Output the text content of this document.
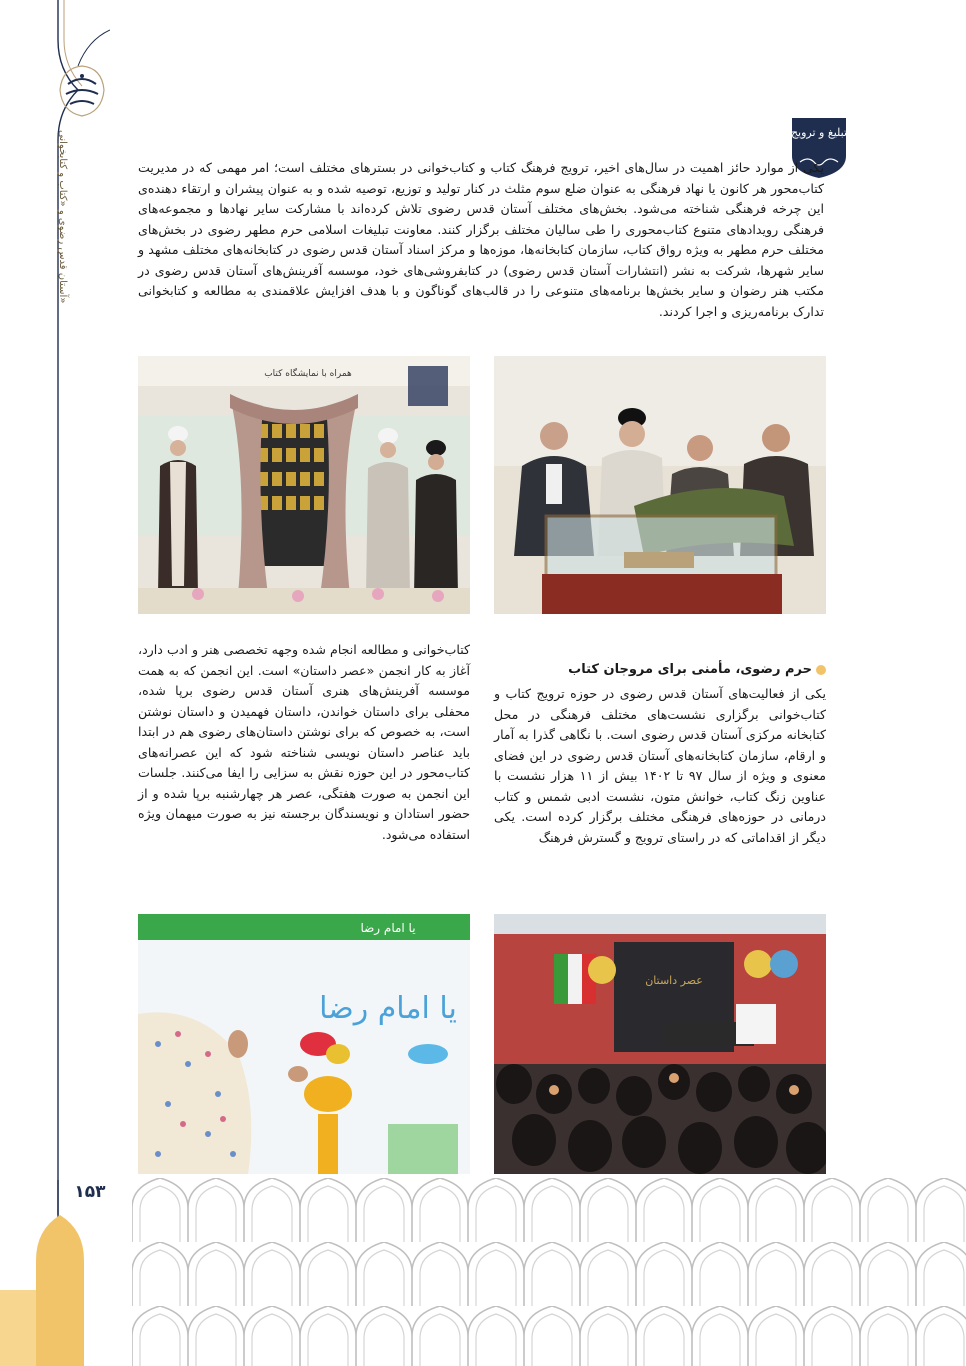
آستان قدس رضوی و «کتاب و کتابخوانی»
تبلیغ و ترویج
یکی از موارد حائز اهمیت در سال‌های اخیر، ترویج فرهنگ کتاب و کتاب‌خوانی در بسترهای مختلف است؛ امر مهمی که در مدیریت کتاب‌محور هر کانون یا نهاد فرهنگی به عنوان ضلع سوم مثلث در کنار تولید و توزیع، توصیه شده و به عنوان پیشران و ارتقاء دهنده‌ی این چرخه فرهنگی شناخته می‌شود. بخش‌های مختلف آستان قدس رضوی تلاش کرده‌اند با مشارکت سایر نهادها و مجموعه‌های فرهنگی رویدادهای متنوع کتاب‌محوری را طی سالیان مختلف برگزار کنند. معاونت تبلیغات اسلامی حرم مطهر رضوی در بخش‌های مختلف حرم مطهر به ویژه رواق کتاب، سازمان کتابخانه‌ها، موزه‌ها و مرکز اسناد آستان قدس رضوی در کتابخانه‌های مختلف مشهد و سایر شهرها، شرکت به نشر (انتشارات آستان قدس رضوی) در کتابفروشی‌های خود، موسسه آفرینش‌های آستان قدس رضوی در مکتب هنر رضوان و سایر بخش‌ها برنامه‌های متنوعی را در قالب‌های گوناگون و با هدف افزایش علاقمندی به مطالعه و کتابخوانی تدارک برنامه‌ریزی و اجرا کردند.
همراه با نمایشگاه کتاب
حرم رضوی، مأمنی برای مروجان کتاب
یکی از فعالیت‌های آستان قدس رضوی در حوزه ترویج کتاب و کتاب‌خوانی برگزاری نشست‌های مختلف فرهنگی در محل کتابخانه مرکزی آستان قدس رضوی است. با نگاهی گذرا به آمار و ارقام، سازمان کتابخانه‌های آستان قدس رضوی در این فضای معنوی و ویژه از سال ۹۷ تا ۱۴۰۲ بیش از ۱۱ هزار نشست با عناوین زنگ کتاب، خوانش متون، نشست ادبی شمس و کتاب درمانی در حوزه‌های فرهنگی مختلف برگزار کرده است. یکی دیگر از اقداماتی که در راستای ترویج و گسترش فرهنگ
کتاب‌خوانی و مطالعه انجام شده وجهه تخصصی هنر و ادب دارد، آغاز به کار انجمن «عصر داستان» است. این انجمن که به همت موسسه آفرینش‌های هنری آستان قدس رضوی برپا شده، محفلی برای داستان خواندن، داستان فهمیدن و داستان نوشتن است، به خصوص که برای نوشتن داستان‌های رضوی هم در ابتدا باید عناصر داستان نویسی شناخته شود که این عصرانه‌های کتاب‌محور در این حوزه نقش به سزایی را ایفا می‌کنند. جلسات این انجمن به صورت هفتگی، عصر هر چهارشنبه برپا شده و از حضور استادان و نویسندگان برجسته نیز به صورت میهمان ویژه استفاده می‌شود.
یا امام رضا
یا امام رضا
عصر داستان
۱۵۳
